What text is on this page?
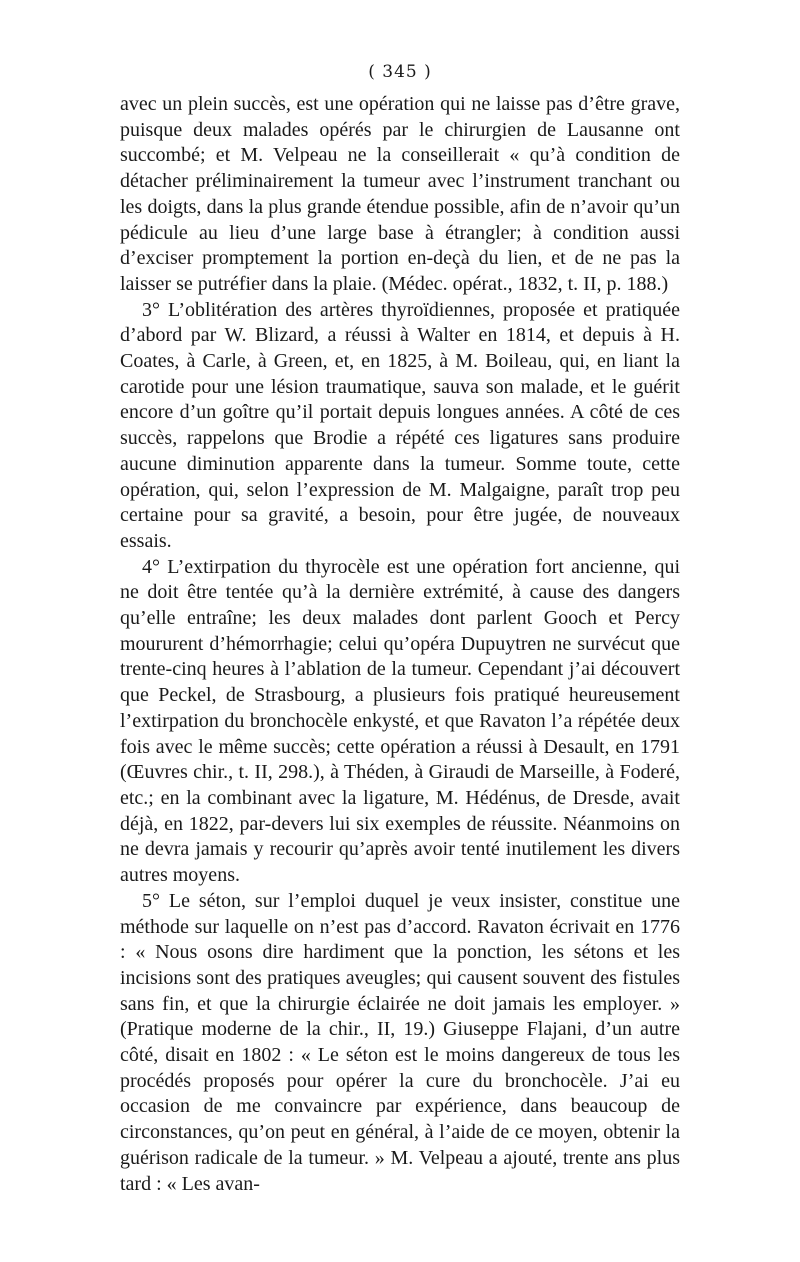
( 345 )

avec un plein succès, est une opération qui ne laisse pas d’être grave, puisque deux malades opérés par le chirurgien de Lausanne ont succombé; et M. Velpeau ne la conseillerait « qu’à condition de détacher préliminairement la tumeur avec l’instrument tranchant ou les doigts, dans la plus grande étendue possible, afin de n’avoir qu’un pédicule au lieu d’une large base à étrangler; à condition aussi d’exciser promptement la portion en-deçà du lien, et de ne pas la laisser se putréfier dans la plaie. (Médec. opérat., 1832, t. II, p. 188.)

3° L’oblitération des artères thyroïdiennes, proposée et pratiquée d’abord par W. Blizard, a réussi à Walter en 1814, et depuis à H. Coates, à Carle, à Green, et, en 1825, à M. Boileau, qui, en liant la carotide pour une lésion traumatique, sauva son malade, et le guérit encore d’un goître qu’il portait depuis longues années. A côté de ces succès, rappelons que Brodie a répété ces ligatures sans produire aucune diminution apparente dans la tumeur. Somme toute, cette opération, qui, selon l’expression de M. Malgaigne, paraît trop peu certaine pour sa gravité, a besoin, pour être jugée, de nouveaux essais.

4° L’extirpation du thyrocèle est une opération fort ancienne, qui ne doit être tentée qu’à la dernière extrémité, à cause des dangers qu’elle entraîne; les deux malades dont parlent Gooch et Percy moururent d’hémorrhagie; celui qu’opéra Dupuytren ne survécut que trente-cinq heures à l’ablation de la tumeur. Cependant j’ai découvert que Peckel, de Strasbourg, a plusieurs fois pratiqué heureusement l’extirpation du bronchocèle enkysté, et que Ravaton l’a répétée deux fois avec le même succès; cette opération a réussi à Desault, en 1791 (Œuvres chir., t. II, 298.), à Théden, à Giraudi de Marseille, à Foderé, etc.; en la combinant avec la ligature, M. Hédénus, de Dresde, avait déjà, en 1822, par-devers lui six exemples de réussite. Néanmoins on ne devra jamais y recourir qu’après avoir tenté inutilement les divers autres moyens.

5° Le séton, sur l’emploi duquel je veux insister, constitue une méthode sur laquelle on n’est pas d’accord. Ravaton écrivait en 1776 : « Nous osons dire hardiment que la ponction, les sétons et les incisions sont des pratiques aveugles; qui causent souvent des fistules sans fin, et que la chirurgie éclairée ne doit jamais les employer. » (Pratique moderne de la chir., II, 19.) Giuseppe Flajani, d’un autre côté, disait en 1802 : « Le séton est le moins dangereux de tous les procédés proposés pour opérer la cure du bronchocèle. J’ai eu occasion de me convaincre par expérience, dans beaucoup de circonstances, qu’on peut en général, à l’aide de ce moyen, obtenir la guérison radicale de la tumeur. » M. Velpeau a ajouté, trente ans plus tard : « Les avan-
